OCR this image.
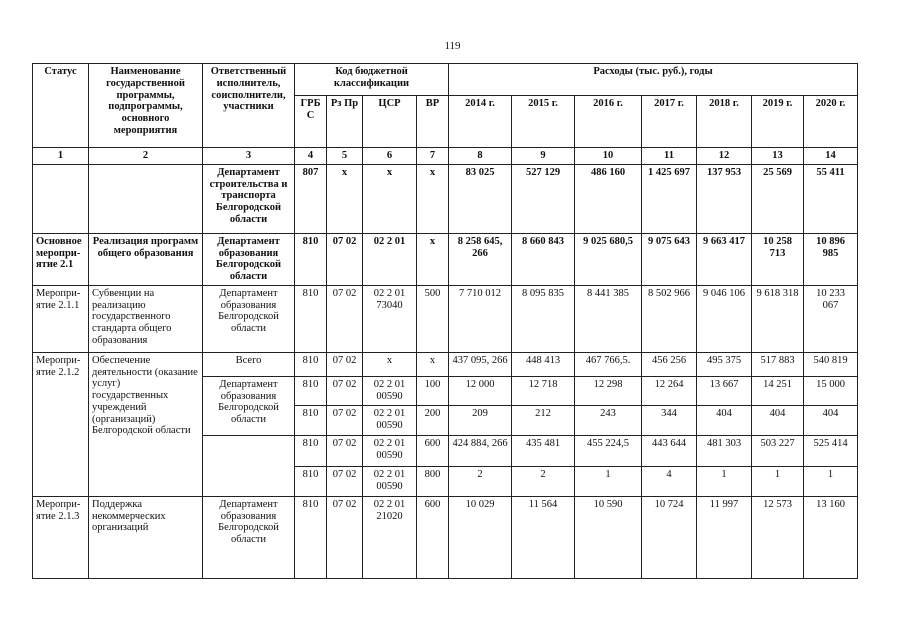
119
Статус	Наименование государственной программы, подпрограммы, основного мероприятия	Ответственный исполнитель, соисполнители, участники	Код бюджетной классификации				Расходы (тыс. руб.), годы						
			ГРБ С	Рз Пр	ЦСР	ВР	2014 г.	2015 г.	2016 г.	2017 г.	2018 г.	2019 г.	2020 г.
1	2	3	4	5	6	7	8	9	10	11	12	13	14
		Департамент строительства и транспорта Белгородской области	807	х	х	х	83 025	527 129	486 160	1 425 697	137 953	25 569	55 411
Основное меропри-ятие 2.1	Реализация программ общего образования	Департамент образования Белгородской области	810	07 02	02 2 01	х	8 258 645, 266	8 660 843	9 025 680,5	9 075 643	9 663 417	10 258 713	10 896 985
Меропри-ятие 2.1.1	Субвенции на реализацию государственного стандарта общего образования	Департамент образования Белгородской области	810	07 02	02 2 01 73040	500	7 710 012	8 095 835	8 441 385	8 502 966	9 046 106	9 618 318	10 233 067
Меропри-ятие 2.1.2	Обеспечение деятельности (оказание услуг) государственных учреждений (организаций) Белгородской области	Всего	810	07 02	х	х	437 095, 266	448 413	467 766,5.	456 256	495 375	517 883	540 819
		Департамент образования Белгородской области	810	07 02	02 2 01 00590	100	12 000	12 718	12 298	12 264	13 667	14 251	15 000
			810	07 02	02 2 01 00590	200	209	212	243	344	404	404	404
			810	07 02	02 2 01 00590	600	424 884, 266	435 481	455 224,5	443 644	481 303	503 227	525 414
			810	07 02	02 2 01 00590	800	2	2	1	4	1	1	1
Меропри-ятие 2.1.3	Поддержка некоммерческих организаций	Департамент образования Белгородской области	810	07 02	02 2 01 21020	600	10 029	11 564	10 590	10 724	11 997	12 573	13 160
